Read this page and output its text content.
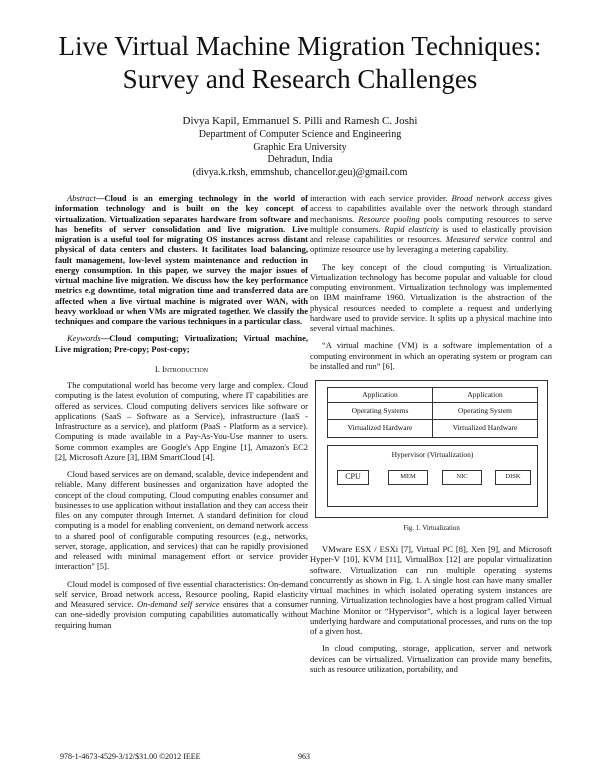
Live Virtual Machine Migration Techniques:
Survey and Research Challenges
Divya Kapil, Emmanuel S. Pilli and Ramesh C. Joshi
Department of Computer Science and Engineering
Graphic Era University
Dehradun, India
(divya.k.rksh, emmshub, chancellor.geu)@gmail.com

Abstract—Cloud is an emerging technology in the world of information technology and is built on the key concept of virtualization. Virtualization separates hardware from software and has benefits of server consolidation and live migration. Live migration is a useful tool for migrating OS instances across distant physical of data centers and clusters. It facilitates load balancing, fault management, low-level system maintenance and reduction in energy consumption. In this paper, we survey the major issues of virtual machine live migration. We discuss how the key performance metrics e.g downtime, total migration time and transferred data are affected when a live virtual machine is migrated over WAN, with heavy workload or when VMs are migrated together. We classify the techniques and compare the various techniques in a particular class.

Keywords—Cloud computing; Virtualization; Virtual machine, Live migration; Pre-copy; Post-copy;

I. Introduction

The computational world has become very large and complex. Cloud computing is the latest evolution of computing, where IT capabilities are offered as services. Cloud computing delivers services like software or applications (SaaS – Software as a Service), infrastructure (IaaS - Infrastructure as a service), and platform (PaaS - Platform as a service). Computing is made available in a Pay-As-You-Use manner to users. Some common examples are Google's App Engine [1], Amazon's EC2 [2], Microsoft Azure [3], IBM SmartCloud [4].

Cloud based services are on demand, scalable, device independent and reliable. Many different businesses and organization have adopted the concept of the cloud computing. Cloud computing enables consumer and businesses to use application without installation and they can access their files on any computer through Internet. A standard definition for cloud computing is a model for enabling convenient, on demand network access to a shared pool of configurable computing resources (e.g., networks, server, storage, application, and services) that can be rapidly provisioned and released with minimal management effort or service provider interaction" [5].

Cloud model is composed of five essential characteristics: On-demand self service, Broad network access, Resource pooling, Rapid elasticity and Measured service. On-demand self service ensures that a consumer can one-sidedly provision computing capabilities automatically without requiring human

interaction with each service provider. Broad network access gives access to capabilities available over the network through standard mechanisms. Resource pooling pools computing resources to serve multiple consumers. Rapid elasticity is used to elastically provision and release capabilities or resources. Measured service control and optimize resource use by leveraging a metering capability.

The key concept of the cloud computing is Virtualization. Virtualization technology has become popular and valuable for cloud computing environment. Virtualization technology was implemented on IBM mainframe 1960. Virtualization is the abstraction of the physical resources needed to complete a request and underlying hardware used to provide service. It splits up a physical machine into several virtual machines.

“A virtual machine (VM) is a software implementation of a computing environment in which an operating system or program can be installed and run” [6].

Application	Application
Operating Systems	Operating System
Virtualized Hardware	Virtualized Hardware
Hypervisor (Virtualization)
CPU	MEM	NIC	DISK
Fig. 1. Virtualization

VMware ESX / ESXi [7], Virtual PC [8], Xen [9], and Microsoft Hyper-V [10], KVM [11], VirtualBox [12] are popular virtualization software. Virtualization can run multiple operating systems concurrently as shown in Fig. 1. A single host can have many smaller virtual machines in which isolated operating system instances are running. Virtualization technologies have a host program called Virtual Machine Monitor or “Hypervisor”, which is a logical layer between underlying hardware and computational processes, and runs on the top of a given host.

In cloud computing, storage, application, server and network devices can be virtualized. Virtualization can provide many benefits, such as resource utilization, portability, and

978-1-4673-4529-3/12/$31.00 ©2012 IEEE	963
